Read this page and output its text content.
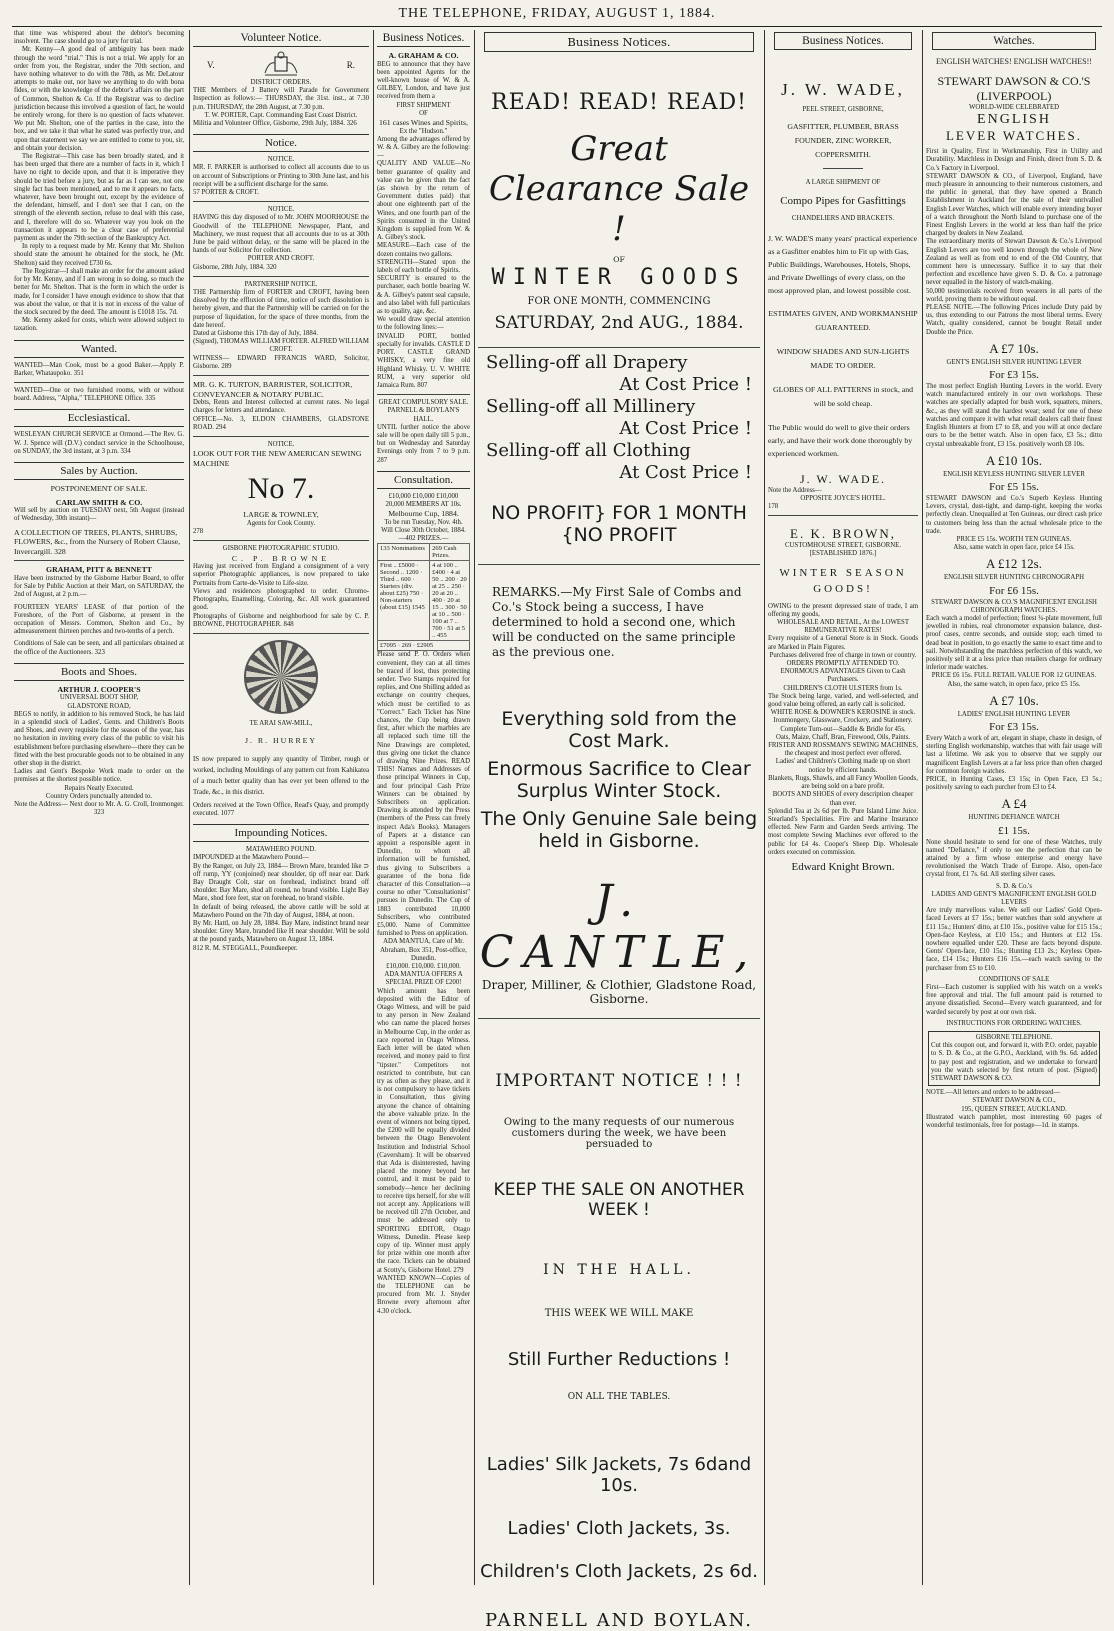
THE TELEPHONE, FRIDAY, AUGUST 1, 1884.
that time was whispered about the debtor's becoming insolvent. The case should go to a jury for trial.
Mr. Kenny—A good deal of ambiguity has been made through the word "trial." This is not a trial. We apply for an order from you, the Registrar, under the 70th section, and have nothing whatever to do with the 78th, as Mr. DeLatour attempts to make out, nor have we anything to do with bona fides, or with the knowledge of the debtor's affairs on the part of Common, Shelton & Co. If the Registrar was to decline jurisdiction because this involved a question of fact, he would be entirely wrong, for there is no question of facts whatever. We put Mr. Shelton, one of the parties in the case, into the box, and we take it that what he stated was perfectly true, and upon that statement we say we are entitled to come to you, sir, and obtain your decision.
The Registrar—This case has been broadly stated, and it has been urged that there are a number of facts in it, which I have no right to decide upon, and that it is imperative they should be tried before a jury, but as far as I can see, not one single fact has been mentioned, and to me it appears no facts, whatever, have been brought out, except by the evidence of the defendant, himself, and I don't see that I can, on the strength of the eleventh section, refuse to deal with this case, and I, therefore will do so. Whatever way you look on the transaction it appears to be a clear case of preferential payment as under the 79th section of the Bankruptcy Act.
In reply to a request made by Mr. Kenny that Mr. Shelton should state the amount he obtained for the stock, he (Mr. Shelton) said they received £730 6s.
The Registrar—I shall make an order for the amount asked for by Mr. Kenny, and if I am wrong in so doing, so much the better for Mr. Shelton. That is the form in which the order is made, for I consider I have enough evidence to show that that was about the value, or that it is not in excess of the value of the stock secured by the deed. The amount is £1018 15s. 7d.
Mr. Kenny asked for costs, which were allowed subject to taxation.
Wanted.
WANTED—Man Cook, must be a good Baker.—Apply P. Barker, Whataupoko. 351
WANTED—One or two furnished rooms, with or without board. Address, "Alpha," TELEPHONE Office. 335
Ecclesiastical.
WESLEYAN CHURCH SERVICE at Ormond.—The Rev. G. W. J. Spence will (D.V.) conduct service in the Schoolhouse, on SUNDAY, the 3rd instant, at 3 p.m. 334
Sales by Auction.
POSTPONEMENT OF SALE.
CARLAW SMITH & CO.
Will sell by auction on TUESDAY next, 5th August (instead of Wednesday, 30th instant)—
A COLLECTION OF TREES, PLANTS, SHRUBS, FLOWERS, &c., from the Nursery of Robert Clause, Invercargill. 328
GRAHAM, PITT & BENNETT
Have been instructed by the Gisborne Harbor Board, to offer for Sale by Public Auction at their Mart, on SATURDAY, the 2nd of August, at 2 p.m.—
FOURTEEN YEARS' LEASE of that portion of the Foreshore, of the Port of Gisborne, at present in the occupation of Messrs. Common, Shelton and Co., by admeasurement thirteen perches and two-tenths of a perch.
Conditions of Sale can be seen, and all particulars obtained at the office of the Auctioneers. 323
Boots and Shoes.
ARTHUR J. COOPER'S
UNIVERSAL BOOT SHOP,
GLADSTONE ROAD,
BEGS to notify, in addition to his removed Stock, he has laid in a splendid stock of Ladies', Gents. and Children's Boots and Shoes, and every requisite for the season of the year, has no hesitation in inviting every class of the public to visit his establishment before purchasing elsewhere—there they can be fitted with the best procurable goods not to be obtained in any other shop in the district.
Ladies and Gent's Bespoke Work made to order on the premises at the shortest possible notice.
Repairs Neatly Executed.
Country Orders punctually attended to.
Note the Address— Next door to Mr. A. G. Croll, Ironmonger. 323
Volunteer Notice.
V.	R.
DISTRICT ORDERS.
THE Members of J Battery will Parade for Government Inspection as follows:— THURSDAY, the 31st. inst., at 7.30 p.m. THURSDAY, the 28th August, at 7.30 p.m.
T. W. PORTER, Capt. Commanding East Coast District.
Militia and Volunteer Office, Gisborne, 29th July, 1884. 326
Notice.
NOTICE.
MR. F. PARKER is authorised to collect all accounts due to us on account of Subscriptions or Printing to 30th June last, and his receipt will be a sufficient discharge for the same.
57 PORTER & CROFT.
NOTICE.
HAVING this day disposed of to Mr. JOHN MOORHOUSE the Goodwill of the TELEPHONE Newspaper, Plant, and Machinery, we must request that all accounts due to us at 30th June be paid without delay, or the same will be placed in the hands of our Solicitor for collection.
PORTER AND CROFT.
Gisborne, 28th July, 1884. 320
PARTNERSHIP NOTICE.
THE Partnership firm of FORTER and CROFT, having been dissolved by the effluxion of time, notice of such dissolution is hereby given, and that the Partnership will be carried on for the purpose of liquidation, for the space of three months, from the date hereof.
Dated at Gisborne this 17th day of July, 1884.
(Signed), THOMAS WILLIAM FORTER. ALFRED WILLIAM CROFT.
WITNESS— EDWARD FFRANCIS WARD, Solicitor, Gisborne. 289
MR. G. K. TURTON, BARRISTER, SOLICITOR, CONVEYANCER & NOTARY PUBLIC.
Debts, Rents and Interest collected at current rates. No legal charges for letters and attendance.
OFFICE—No. 3, ELDON CHAMBERS, GLADSTONE ROAD. 294
NOTICE.
LOOK OUT FOR THE NEW AMERICAN SEWING MACHINE
No 7.
LARGE & TOWNLEY,
Agents for Cook County.
278
GISBORNE PHOTOGRAPHIC STUDIO.
C. P. BROWNE
Having just received from England a consignment of a very superior Photographic appliances, is now prepared to take Portraits from Carte-de-Visite to Life-size.
Views and residences photographed to order. Chromo-Photographs, Enamelling, Coloring, &c. All work guaranteed good.
Photographs of Gisborne and neighborhood for sale by C. P. BROWNE, PHOTOGRAPHER. 848
TE ARAI SAW-MILL,
J. R. HURREY
IS now prepared to supply any quantity of Timber, rough or worked, including Mouldings of any pattern cut from Kahikatea of a much better quality than has ever yet been offered to the Trade, &c., in this district.
Orders received at the Town Office, Read's Quay, and promptly executed. 1077
Impounding Notices.
MATAWHERO POUND.
IMPOUNDED at the Matawhero Pound—
By the Ranger, on July 23, 1884— Brown Mare, branded like ⊃ off rump, YY (conjoined) near shoulder, tip off near ear. Dark Bay Draught Colt, star on forehead, indistinct brand off shoulder. Bay Mare, shod all round, no brand visible. Light Bay Mare, shod fore feet, star on forehead, no brand visible.
In default of being released, the above cattle will be sold at Matawhero Pound on the 7th day of August, 1884, at noon.
By Mr. Hattl, on July 28, 1884. Bay Mare, indistinct brand near shoulder. Grey Mare, branded like H near shoulder. Will be sold at the pound yards, Matawhero on August 13, 1884.
812 R. M. STEGGALL, Poundkeeper.
Business Notices.
A. GRAHAM & CO.
BEG to announce that they have been appointed Agents for the well-known house of W. & A. GILBEY, London, and have just received from them a
FIRST SHIPMENT
OF
161 cases Wines and Spirits,
Ex the "Hudson."
Among the advantages offered by W. & A. Gilbey are the following:—
QUALITY AND VALUE—No better guarantee of quality and value can be given than the fact (as shown by the return of Government duties paid) that about one eighteenth part of the Wines, and one fourth part of the Spirits consumed in the United Kingdom is supplied from W. & A. Gilbey's stock.
MEASURE—Each case of the dozen contains two gallons.
STRENGTH—Stated upon the labels of each bottle of Spirits.
SECURITY is ensured to the purchaser, each bottle bearing W. & A. Gilbey's patent seal capsule, and also label with full particulars as to quality, age, &c.
We would draw special attention to the following lines:—
INVALID PORT, bottled specially for invalids. CASTLE D PORT. CASTLE GRAND WHISKY, a very fine old Highland Whisky. U. V. WHITE RUM, a very superior old Jamaica Rum. 807
GREAT COMPULSORY SALE.
PARNELL & BOYLAN'S HALL.
UNTIL further notice the above sale will be open daily till 5 p.m., but on Wednesday and Saturday Evenings only from 7 to 9 p.m. 287
Consultation.
£10,000 £10,000 £10,000
20,000 MEMBERS AT 10s.
Melbourne Cup, 1884.
To be run Tuesday, Nov. 4th.
Will Close 30th October, 1884.
—402 PRIZES.—
133 Nominations	269 Cash Prizes.
First .. £5000 · Second .. 1200 · Third .. 600 · Starters (div. about £25) 750 · Non-starters (about £15) 1545	4 at 100 .. £400 · 4 at 50 .. 200 · 20 at 25 .. 250 · 20 at 20 .. 400 · 20 at 15 .. 300 · 50 at 10 .. 500 · 100 at 7 .. 700 · 51 at 5 .. 455
£7095 · 269 · £2905	
Please send P. O. Orders when convenient, they can at all times be traced if lost, thus protecting sender. Two Stamps required for replies, and One Shilling added as exchange on country cheques, which must be certified to as "Correct." Each Ticket has Nine chances, the Cup being drawn first, after which the marbles are all replaced such time till the Nine Drawings are completed, thus giving one ticket the chance of drawing Nine Prizes. READ THIS! Names and Addresses of those principal Winners in Cup, and four principal Cash Prize Winners can be obtained by Subscribers on application. Drawing is attended by the Press (members of the Press can freely inspect Ada's Books). Managers of Papers at a distance can appoint a responsible agent in Dunedin, to whom all information will be furnished, thus giving to Subscribers a guarantee of the bona fide character of this Consultation—a course no other "Consultationist" pursues in Dunedin. The Cup of 1883 contributed 10,000 Subscribers, who contributed £5,000. Name of Committee furnished to Press on application.
ADA MANTUA, Care of Mr. Abraham, Box 351, Post-office, Dunedin.
£10,000. £10,000. £10,000.
ADA MANTUA OFFERS A SPECIAL PRIZE OF £200!
Which amount has been deposited with the Editor of Otago Witness, and will be paid to any person in New Zealand who can name the placed horses in Melbourne Cup, in the order as race reported in Otago Witness. Each letter will be dated when received, and money paid to first "tipster." Competitors not restricted to contribute, but can try as often as they please, and it is not compulsory to have tickets in Consultation, thus giving anyone the chance of obtaining the above valuable prize. In the event of winners not being tipped, the £200 will be equally divided between the Otago Benevolent Institution and Industrial School (Caversham). It will be observed that Ada is disinterested, having placed the money beyond her control, and it must be paid to somebody—hence her declining to receive tips herself, for she will not accept any. Applications will be received till 27th October, and must be addressed only to SPORTING EDITOR, Otago Witness, Dunedin. Please keep copy of tip. Winner must apply for prize within one month after the race. Tickets can be obtained at Scotty's, Gisborne Hotel. 279
WANTED KNOWN—Copies of the TELEPHONE can be procured from Mr. J. Snyder Browne every afternoon after 4.30 o'clock.
Business Notices.
READ! READ! READ!
Great Clearance Sale !
OF
WINTER GOODS
FOR ONE MONTH, COMMENCING
SATURDAY, 2nd AUG., 1884.
Selling-off all Drapery
At Cost Price !
Selling-off all Millinery
At Cost Price !
Selling-off all Clothing
At Cost Price !
NO PROFIT} FOR 1 MONTH {NO PROFIT
REMARKS.—My First Sale of Combs and Co.'s Stock being a success, I have determined to hold a second one, which will be conducted on the same principle as the previous one.
Everything sold from the Cost Mark.
Enormous Sacrifice to Clear Surplus Winter Stock.
The Only Genuine Sale being held in Gisborne.
J. CANTLE,
Draper, Milliner, & Clothier, Gladstone Road, Gisborne.
IMPORTANT NOTICE ! ! !
Owing to the many requests of our numerous customers during the week, we have been persuaded to
KEEP THE SALE ON ANOTHER WEEK !
IN THE HALL.
THIS WEEK WE WILL MAKE
Still Further Reductions !
ON ALL THE TABLES.
Ladies' Silk Jackets, 7s 6dand 10s.
Ladies' Cloth Jackets, 3s.
Children's Cloth Jackets, 2s 6d.
PARNELL AND BOYLAN.
Business Notices.
J. W. WADE,
PEEL STREET, GISBORNE,
GASFITTER, PLUMBER, BRASS FOUNDER, ZINC WORKER, COPPERSMITH.
A LARGE SHIPMENT OF
Compo Pipes for Gasfittings
CHANDELIERS AND BRACKETS.
J. W. WADE'S many years' practical experience as a Gasfitter enables him to Fit up with Gas, Public Buildings, Warehouses, Hotels, Shops, and Private Dwellings of every class, on the most approved plan, and lowest possible cost.
ESTIMATES GIVEN, AND WORKMANSHIP GUARANTEED.
WINDOW SHADES AND SUN-LIGHTS MADE TO ORDER.
GLOBES OF ALL PATTERNS in stock, and will be sold cheap.
The Public would do well to give their orders early, and have their work done thoroughly by experienced workmen.
J. W. WADE.
Note the Address—
OPPOSITE JOYCE'S HOTEL.
178
E. K. BROWN,
CUSTOMHOUSE STREET, GISBORNE.
[ESTABLISHED 1876.]
WINTER SEASON GOODS!
OWING to the present depressed state of trade, I am offering my goods,
WHOLESALE AND RETAIL, At the LOWEST REMUNERATIVE RATES!
Every requisite of a General Store is in Stock. Goods are Marked in Plain Figures.
Purchases delivered free of charge in town or country.
ORDERS PROMPTLY ATTENDED TO.
ENORMOUS ADVANTAGES Given to Cash Purchasers.
CHILDREN'S CLOTH ULSTERS from 1s.
The Stock being large, varied, and well-selected, and good value being offered, an early call is solicited.
WHITE ROSE & DOWNER'S KEROSINE in stock. Ironmongery, Glassware, Crockery, and Stationery. Complete Turn-out—Saddle & Bridle for 45s.
Oats, Maize, Chaff, Bran, Firewood, Oils, Paints.
FRISTER AND ROSSMAN'S SEWING MACHINES, the cheapest and most perfect ever offered.
Ladies' and Children's Clothing made up on short notice by efficient hands.
Blankets, Rugs, Shawls, and all Fancy Woollen Goods, are being sold on a bare profit.
BOOTS AND SHOES of every description cheaper than ever.
Splendid Tea at 2s 6d per lb. Pure Island Lime Juice. Stearland's Specialities. Fire and Marine Insurance effected. New Farm and Garden Seeds arriving. The most complete Sewing Machines ever offered to the public for £4 4s. Cooper's Sheep Dip. Wholesale orders executed on commission.
Edward Knight Brown.
Watches.
ENGLISH WATCHES! ENGLISH WATCHES!!
STEWART DAWSON & CO.'S (LIVERPOOL)
WORLD-WIDE CELEBRATED
ENGLISH
LEVER WATCHES.
First in Quality, First in Workmanship, First in Utility and Durability. Matchless in Design and Finish, direct from S. D. & Co.'s Factory in Liverpool.
STEWART DAWSON & CO., of Liverpool, England, have much pleasure in announcing to their numerous customers, and the public in general, that they have opened a Branch Establishment in Auckland for the sale of their unrivalled English Lever Watches, which will enable every intending buyer of a watch throughout the North Island to purchase one of the Finest English Levers in the world at less than half the price charged by dealers in New Zealand.
The extraordinary merits of Stewart Dawson & Co.'s Liverpool English Levers are too well known through the whole of New Zealand as well as from end to end of the Old Country, that comment here is unnecessary. Suffice it to say that their perfection and excellence have given S. D. & Co. a patronage never equalled in the history of watch-making.
50,000 testimonials received from wearers in all parts of the world, proving them to be without equal.
PLEASE NOTE.—The following Prices include Duty paid by us, thus extending to our Patrons the most liberal terms. Every Watch, quality considered, cannot be bought Retail under Double the Price.
A £7 10s.
GENT'S ENGLISH SILVER HUNTING LEVER
For £3 15s.
The most perfect English Hunting Levers in the world. Every watch manufactured entirely in our own workshops. These watches are specially adapted for bush work, squatters, miners, &c., as they will stand the hardest wear; send for one of these watches and compare it with what retail dealers call their finest English Hunters at from £7 to £8, and you will at once declare ours to be the better watch. Also in open face, £3 5s.; ditto crystal unbreakable front, £3 15s. positively worth £8 10s.
A £10 10s.
ENGLISH KEYLESS HUNTING SILVER LEVER
For £5 15s.
STEWART DAWSON and Co.'s Superb Keyless Hunting Levers, crystal, dust-tight, and damp-tight, keeping the works perfectly clean. Unequalled at Ten Guineas, our direct cash price to customers being less than the actual wholesale price to the trade.
PRICE £5 15s. WORTH TEN GUINEAS.
Also, same watch in open face, price £4 15s.
A £12 12s.
ENGLISH SILVER HUNTING CHRONOGRAPH
For £6 15s.
STEWART DAWSON & CO.'S MAGNIFICENT ENGLISH CHRONOGRAPH WATCHES.
Each watch a model of perfection; finest ¾-plate movement, full jewelled in rubies, real chronometer expansion balance, dust-proof cases, centre seconds, and outside stop; each timed to dead beat in position, to go exactly the same to exact time and to sail. Notwithstanding the matchless perfection of this watch, we positively sell it at a less price than retailers charge for ordinary inferior made watches.
PRICE £6 15s. FULL RETAIL VALUE FOR 12 GUINEAS.
Also, the same watch, in open face, price £5 15s.
A £7 10s.
LADIES' ENGLISH HUNTING LEVER
For £3 15s.
Every Watch a work of art, elegant in shape, chaste in design, of sterling English workmanship, watches that with fair usage will last a lifetime. We ask you to observe that we supply our magnificent English Levers at a far less price than often charged for common foreign watches.
PRICE, in Hunting Cases, £3 15s; in Open Face, £3 5s.; positively saving to each purcher from £3 to £4.
A £4
HUNTING DEFIANCE WATCH
£1 15s.
None should hesitate to send for one of these Watches, truly named "Defiance," if only to see the perfection that can be attained by a firm whose enterprise and energy have revolutionised the Watch Trade of Europe. Also, open-face crystal front, £1 7s. 6d. All sterling silver cases.
S. D. & Co.'s
LADIES AND GENT'S MAGNIFICENT ENGLISH GOLD LEVERS
Are truly marvellous value. We sell our Ladies' Gold Open-faced Levers at £7 15s.; better watches than sold anywhere at £11 15s.; Hunters' ditto, at £10 15s., positive value for £15 15s.; Open-face Keyless, at £10 15s.; and Hunters at £12 15s. nowhere equalled under £20. These are facts beyond dispute. Gents' Open-face, £10 15s.; Hunting £13 2s.; Keyless Open-face, £14 15s.; Hunters £16 15s.—each watch saving to the purchaser from £5 to £10.
CONDITIONS OF SALE
First—Each customer is supplied with his watch on a week's free approval and trial. The full amount paid is returned to anyone dissatisfied. Second—Every watch guaranteed, and for warded securely by post at our own risk.
INSTRUCTIONS FOR ORDERING WATCHES.
GISBORNE TELEPHONE.
Cut this coupon out, and forward it, with P.O. order, payable to S. D. & Co., at the G.P.O., Auckland, with 9s. 6d. added to pay post and registration, and we undertake to forward you the watch selected by first return of post. (Signed) STEWART DAWSON & CO.
NOTE.—All letters and orders to be addressed—
STEWART DAWSON & CO.,
195, QUEEN STREET, AUCKLAND.
Illustrated watch pamphlet, most interesting 60 pages of wonderful testimonials, free for postage—1d. in stamps.
